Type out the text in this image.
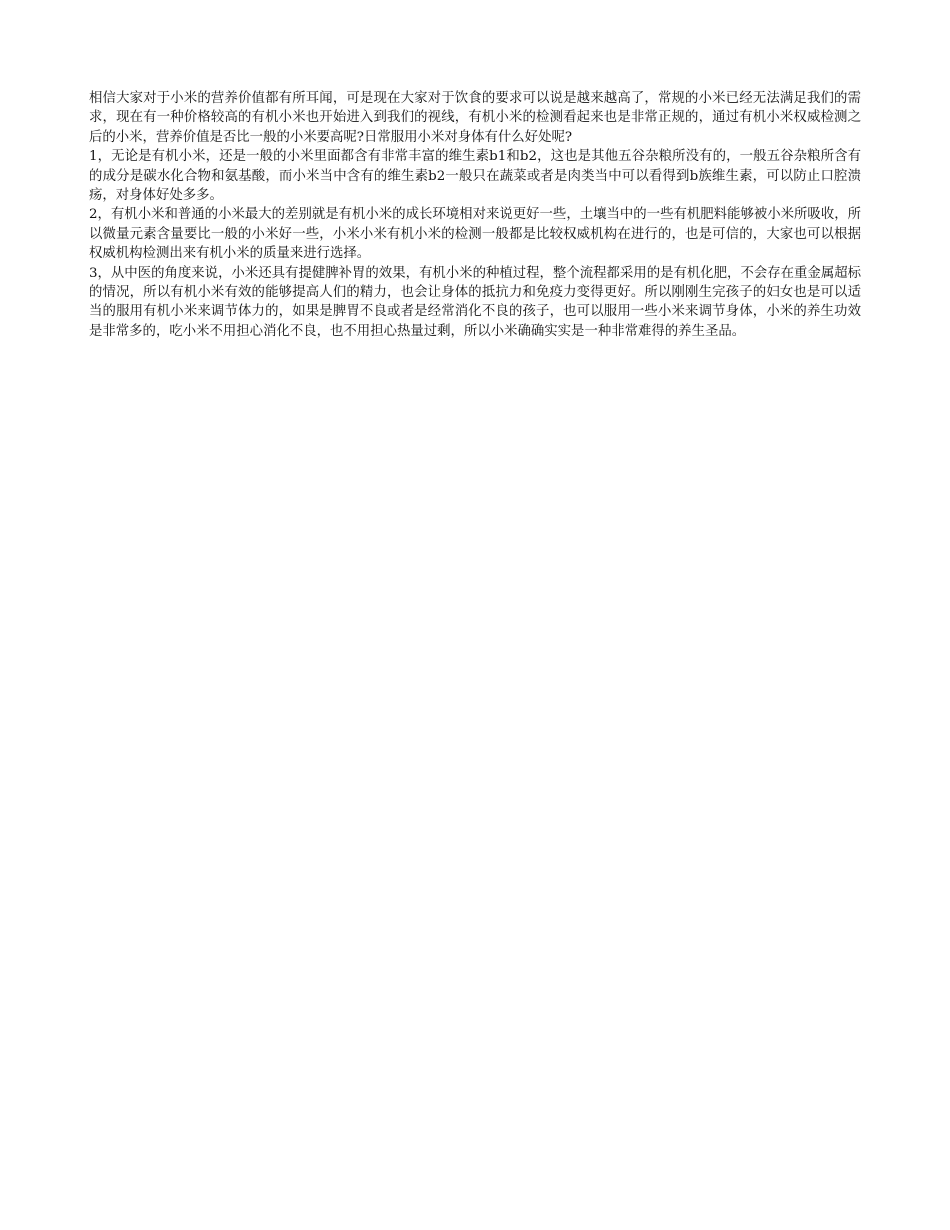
相信大家对于小米的营养价值都有所耳闻，可是现在大家对于饮食的要求可以说是越来越高了，常规的小米已经无法满足我们的需求，现在有一种价格较高的有机小米也开始进入到我们的视线，有机小米的检测看起来也是非常正规的，通过有机小米权威检测之后的小米，营养价值是否比一般的小米要高呢?日常服用小米对身体有什么好处呢?

1，无论是有机小米，还是一般的小米里面都含有非常丰富的维生素b1和b2，这也是其他五谷杂粮所没有的，一般五谷杂粮所含有的成分是碳水化合物和氨基酸，而小米当中含有的维生素b2一般只在蔬菜或者是肉类当中可以看得到b族维生素，可以防止口腔溃疡，对身体好处多多。

2，有机小米和普通的小米最大的差别就是有机小米的成长环境相对来说更好一些，土壤当中的一些有机肥料能够被小米所吸收，所以微量元素含量要比一般的小米好一些，小米小米有机小米的检测一般都是比较权威机构在进行的，也是可信的，大家也可以根据权威机构检测出来有机小米的质量来进行选择。

3，从中医的角度来说，小米还具有提健脾补胃的效果，有机小米的种植过程，整个流程都采用的是有机化肥，不会存在重金属超标的情况，所以有机小米有效的能够提高人们的精力，也会让身体的抵抗力和免疫力变得更好。所以刚刚生完孩子的妇女也是可以适当的服用有机小米来调节体力的，如果是脾胃不良或者是经常消化不良的孩子，也可以服用一些小米来调节身体，小米的养生功效是非常多的，吃小米不用担心消化不良，也不用担心热量过剩，所以小米确确实实是一种非常难得的养生圣品。
